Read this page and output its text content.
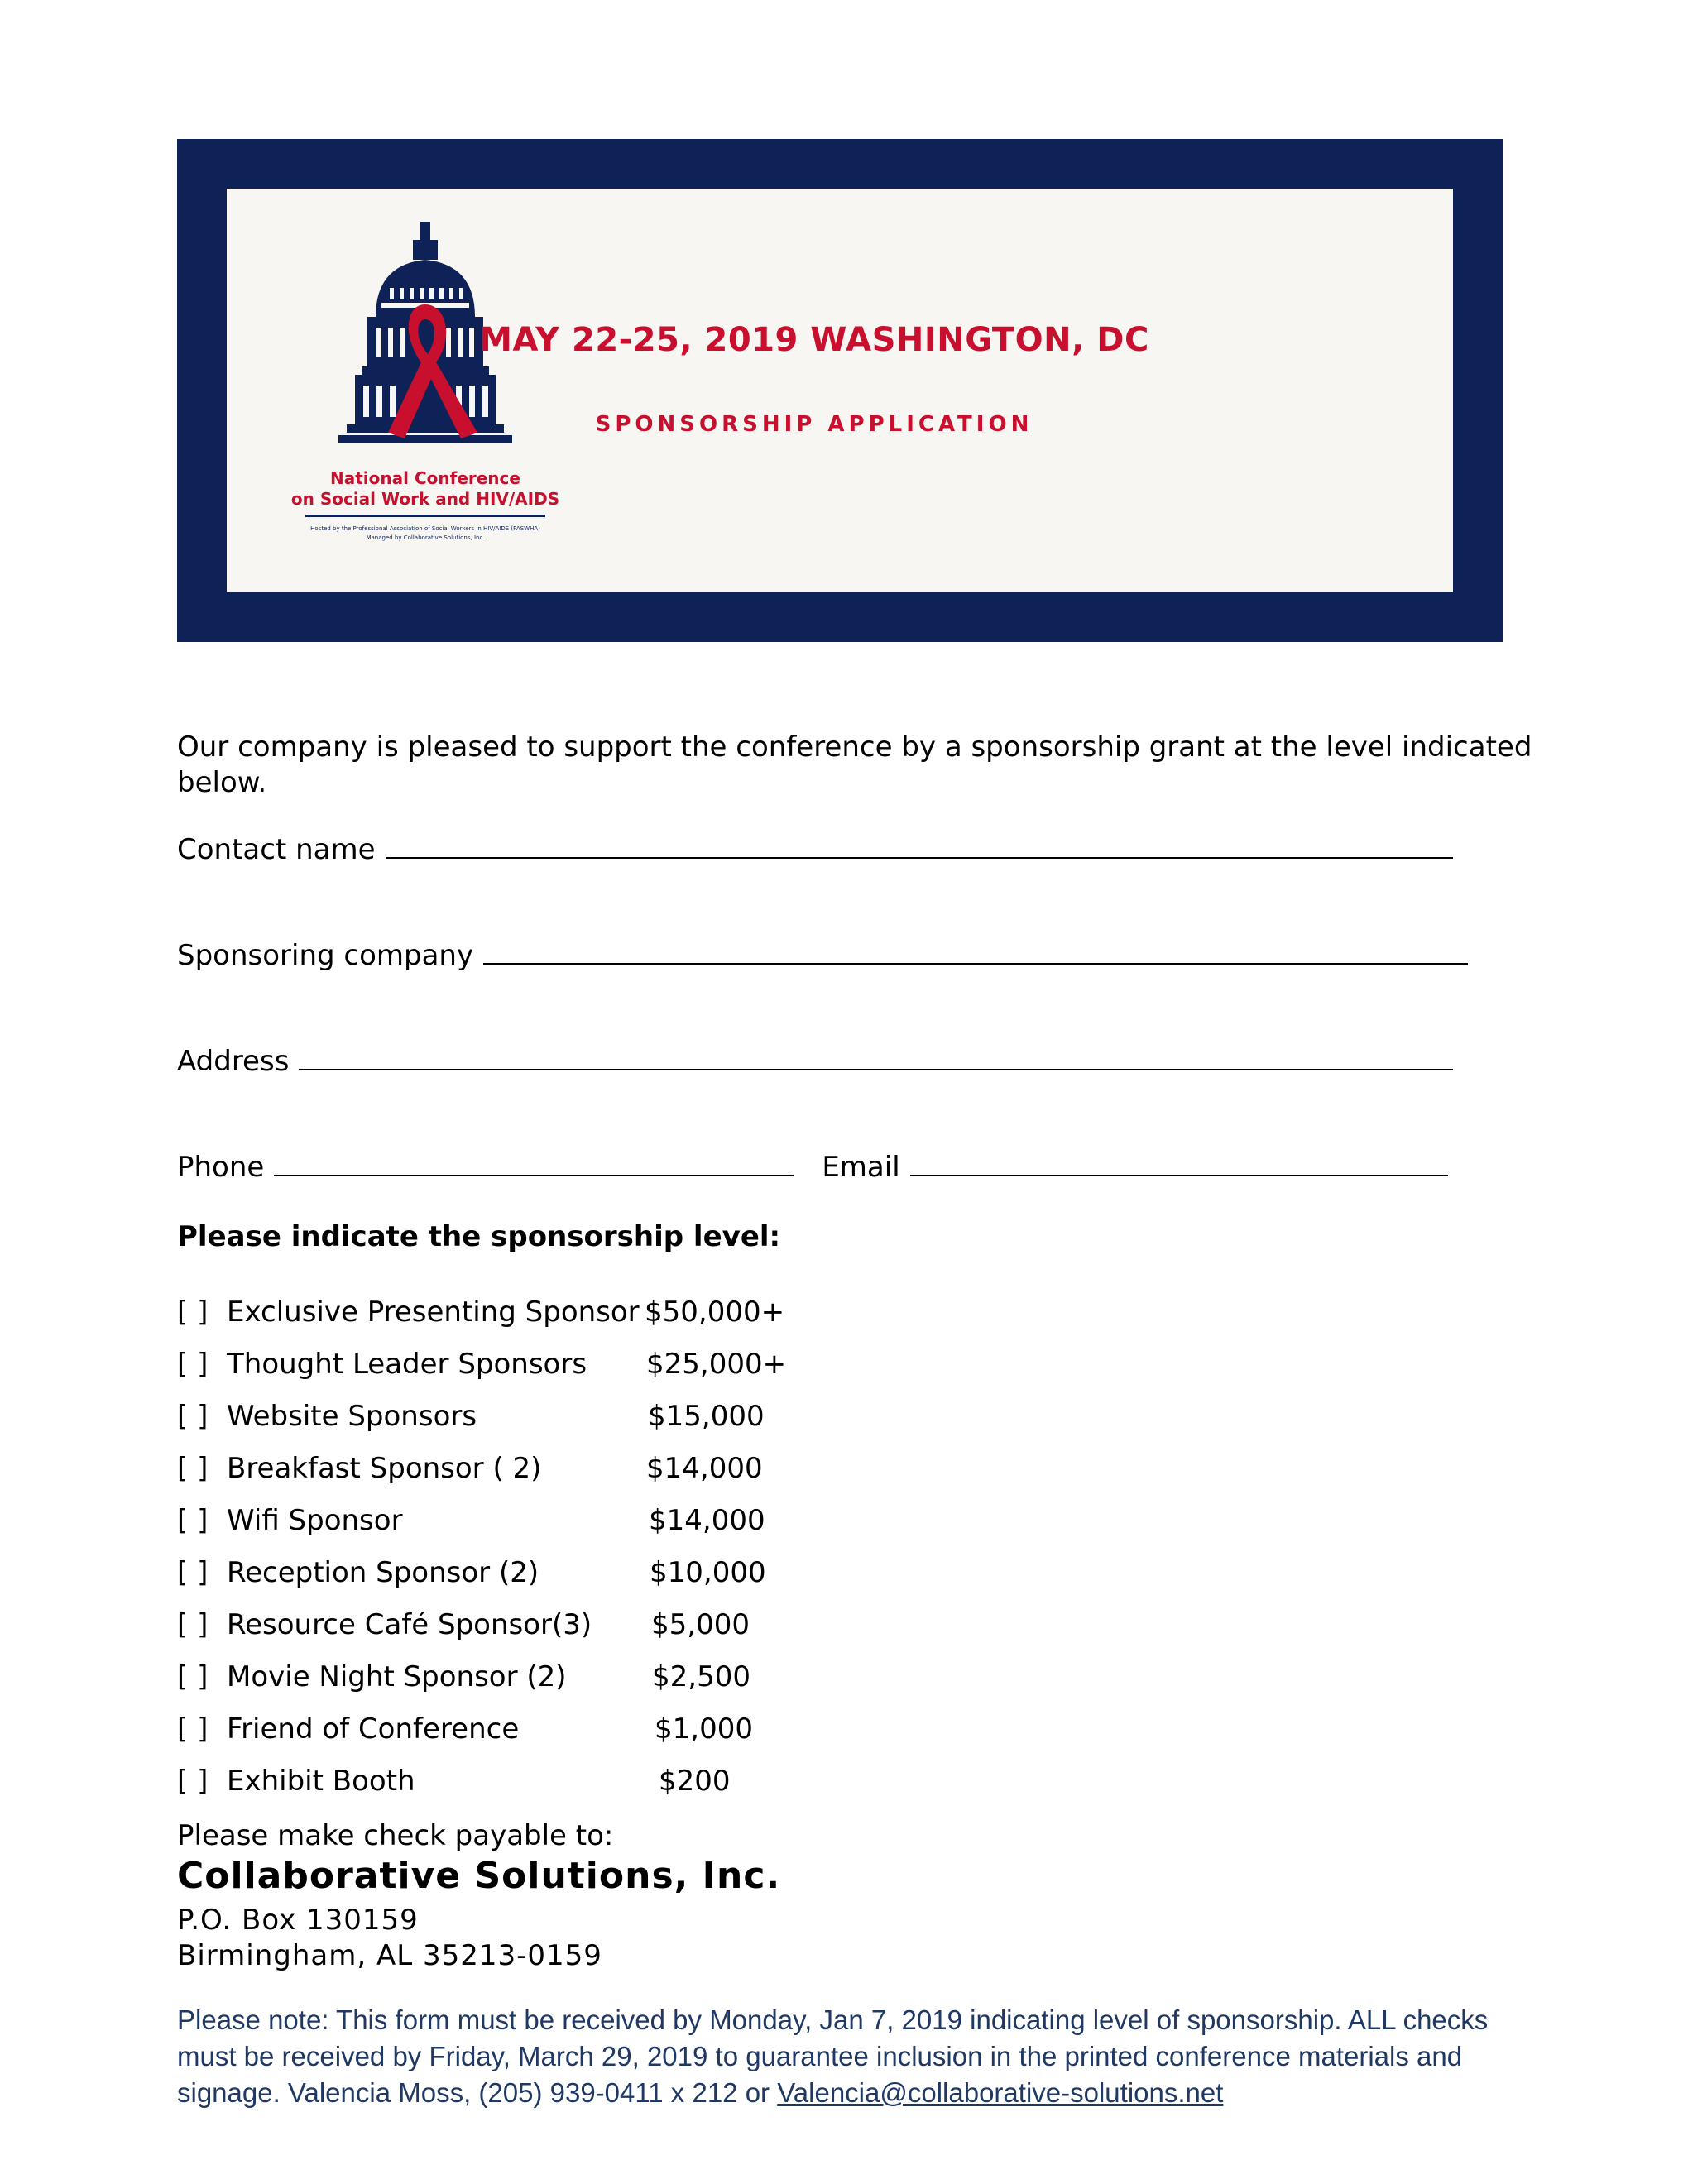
National Conference
on Social Work and HIV/AIDS
Hosted by the Professional Association of Social Workers in HIV/AIDS (PASWHA)
Managed by Collaborative Solutions, Inc.
MAY 22-25, 2019 WASHINGTON, DC
SPONSORSHIP APPLICATION
Our company is pleased to support the conference by a sponsorship grant at the level indicated below.
Contact name
Sponsoring company
Address
Phone	Email
Please indicate the sponsorship level:
[ ] Exclusive Presenting Sponsor $50,000+
[ ] Thought Leader Sponsors $25,000+
[ ] Website Sponsors	$15,000
[ ] Breakfast Sponsor ( 2)	$14,000
[ ] Wifi Sponsor	$14,000
[ ] Reception Sponsor (2)	$10,000
[ ] Resource Café Sponsor(3) $5,000
[ ] Movie Night Sponsor (2)	$2,500
[ ] Friend of Conference	$1,000
[ ] Exhibit Booth	$200
Please make check payable to:
Collaborative Solutions, Inc.
P.O. Box 130159
Birmingham, AL 35213-0159
Please note: This form must be received by Monday, Jan 7, 2019 indicating level of sponsorship. ALL checks must be received by Friday, March 29, 2019 to guarantee inclusion in the printed conference materials and signage. Valencia Moss, (205) 939-0411 x 212 or Valencia@collaborative-solutions.net
